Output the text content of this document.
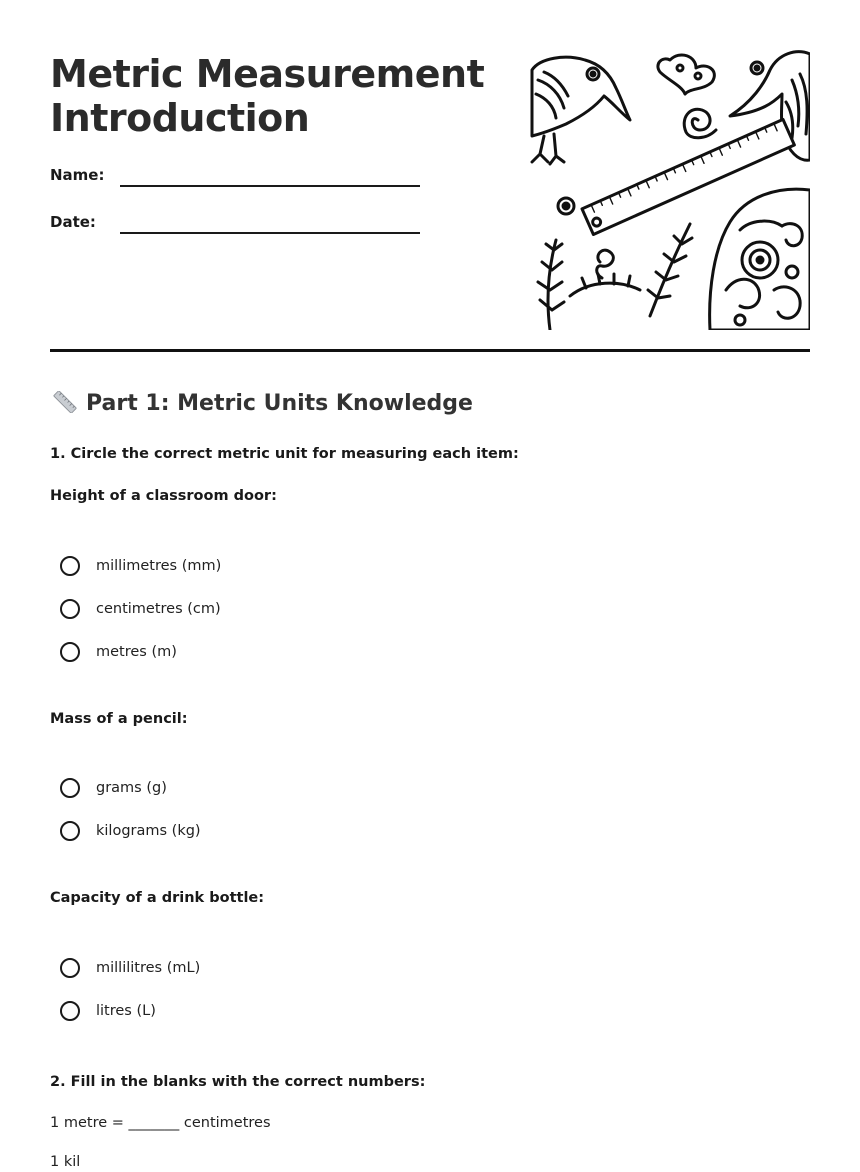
Metric Measurement
Introduction
Name:
Date:
Part 1: Metric Units Knowledge
1. Circle the correct metric unit for measuring each item:
Height of a classroom door:
millimetres (mm)
centimetres (cm)
metres (m)
Mass of a pencil:
grams (g)
kilograms (kg)
Capacity of a drink bottle:
millilitres (mL)
litres (L)
2. Fill in the blanks with the correct numbers:
1 metre = _______ centimetres
1 kil
